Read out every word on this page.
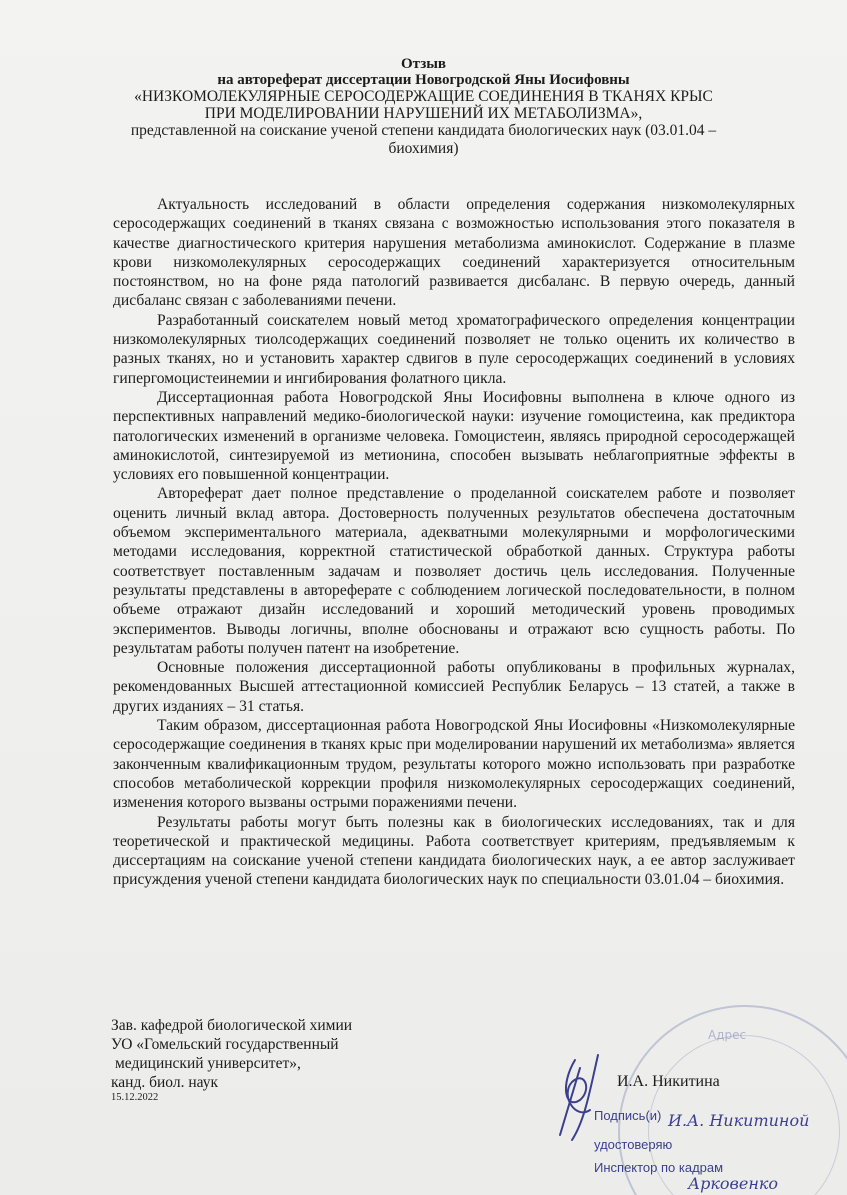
Отзыв
на автореферат диссертации Новогродской Яны Иосифовны
«НИЗКОМОЛЕКУЛЯРНЫЕ СЕРОСОДЕРЖАЩИЕ СОЕДИНЕНИЯ В ТКАНЯХ КРЫС
ПРИ МОДЕЛИРОВАНИИ НАРУШЕНИЙ ИХ МЕТАБОЛИЗМА»,
представленной на соискание ученой степени кандидата биологических наук (03.01.04 –
биохимия)

Актуальность исследований в области определения содержания низкомолекулярных серосодержащих соединений в тканях связана с возможностью использования этого показателя в качестве диагностического критерия нарушения метаболизма аминокислот. Содержание в плазме крови низкомолекулярных серосодержащих соединений характеризуется относительным постоянством, но на фоне ряда патологий развивается дисбаланс. В первую очередь, данный дисбаланс связан с заболеваниями печени.

Разработанный соискателем новый метод хроматографического определения концентрации низкомолекулярных тиолсодержащих соединений позволяет не только оценить их количество в разных тканях, но и установить характер сдвигов в пуле серосодержащих соединений в условиях гипергомоцистеинемии и ингибирования фолатного цикла.

Диссертационная работа Новогродской Яны Иосифовны выполнена в ключе одного из перспективных направлений медико-биологической науки: изучение гомоцистеина, как предиктора патологических изменений в организме человека. Гомоцистеин, являясь природной серосодержащей аминокислотой, синтезируемой из метионина, способен вызывать неблагоприятные эффекты в условиях его повышенной концентрации.

Автореферат дает полное представление о проделанной соискателем работе и позволяет оценить личный вклад автора. Достоверность полученных результатов обеспечена достаточным объемом экспериментального материала, адекватными молекулярными и морфологическими методами исследования, корректной статистической обработкой данных. Структура работы соответствует поставленным задачам и позволяет достичь цель исследования. Полученные результаты представлены в автореферате с соблюдением логической последовательности, в полном объеме отражают дизайн исследований и хороший методический уровень проводимых экспериментов. Выводы логичны, вполне обоснованы и отражают всю сущность работы. По результатам работы получен патент на изобретение.

Основные положения диссертационной работы опубликованы в профильных журналах, рекомендованных Высшей аттестационной комиссией Республик Беларусь – 13 статей, а также в других изданиях – 31 статья.

Таким образом, диссертационная работа Новогродской Яны Иосифовны «Низкомолекулярные серосодержащие соединения в тканях крыс при моделировании нарушений их метаболизма» является законченным квалификационным трудом, результаты которого можно использовать при разработке способов метаболической коррекции профиля низкомолекулярных серосодержащих соединений, изменения которого вызваны острыми поражениями печени.

Результаты работы могут быть полезны как в биологических исследованиях, так и для теоретической и практической медицины. Работа соответствует критериям, предъявляемым к диссертациям на соискание ученой степени кандидата биологических наук, а ее автор заслуживает присуждения ученой степени кандидата биологических наук по специальности 03.01.04 – биохимия.

Зав. кафедрой биологической химии
УО «Гомельский государственный
медицинский университет»,
канд. биол. наук
15.12.2022
Адрес
И.А. Никитина
Подпись(и) И.А. Никитиной
удостоверяю
Инспектор по кадрам
Арковенко
